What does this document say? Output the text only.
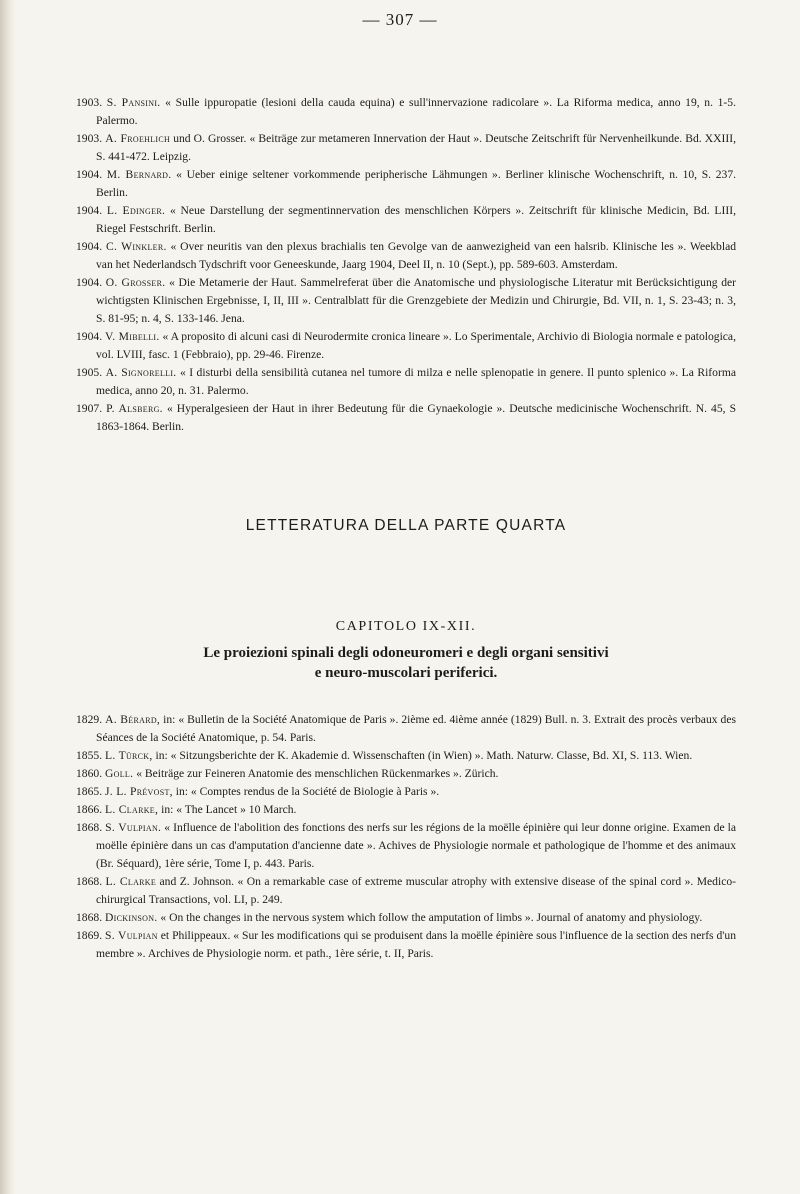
— 307 —

1903. S. Pansini. « Sulle ippuropatie (lesioni della cauda equina) e sull'innervazione radicolare ». La Riforma medica, anno 19, n. 1-5. Palermo.

1903. A. Froehlich und O. Grosser. « Beiträge zur metameren Innervation der Haut ». Deutsche Zeitschrift für Nervenheilkunde. Bd. XXIII, S. 441-472. Leipzig.

1904. M. Bernard. « Ueber einige seltener vorkommende peripherische Lähmungen ». Berliner klinische Wochenschrift, n. 10, S. 237. Berlin.

1904. L. Edinger. « Neue Darstellung der segmentinnervation des menschlichen Körpers ». Zeitschrift für klinische Medicin, Bd. LIII, Riegel Festschrift. Berlin.

1904. C. Winkler. « Over neuritis van den plexus brachialis ten Gevolge van de aanwezigheid van een halsrib. Klinische les ». Weekblad van het Nederlandsch Tydschrift voor Geneeskunde, Jaarg 1904, Deel II, n. 10 (Sept.), pp. 589-603. Amsterdam.

1904. O. Grosser. « Die Metamerie der Haut. Sammelreferat über die Anatomische und physiologische Literatur mit Berücksichtigung der wichtigsten Klinischen Ergebnisse, I, II, III ». Centralblatt für die Grenzgebiete der Medizin und Chirurgie, Bd. VII, n. 1, S. 23-43; n. 3, S. 81-95; n. 4, S. 133-146. Jena.

1904. V. Mibelli. « A proposito di alcuni casi di Neurodermite cronica lineare ». Lo Sperimentale, Archivio di Biologia normale e patologica, vol. LVIII, fasc. 1 (Febbraio), pp. 29-46. Firenze.

1905. A. Signorelli. « I disturbi della sensibilità cutanea nel tumore di milza e nelle splenopatie in genere. Il punto splenico ». La Riforma medica, anno 20, n. 31. Palermo.

1907. P. Alsberg. « Hyperalgesieen der Haut in ihrer Bedeutung für die Gynaekologie ». Deutsche medicinische Wochenschrift. N. 45, S 1863-1864. Berlin.

LETTERATURA DELLA PARTE QUARTA
CAPITOLO IX-XII.
Le proiezioni spinali degli odoneuromeri e degli organi sensitivi
e neuro-muscolari periferici.

1829. A. Bérard, in: « Bulletin de la Société Anatomique de Paris ». 2ième ed. 4ième année (1829) Bull. n. 3. Extrait des procès verbaux des Séances de la Société Anatomique, p. 54. Paris.

1855. L. Türck, in: « Sitzungsberichte der K. Akademie d. Wissenschaften (in Wien) ». Math. Naturw. Classe, Bd. XI, S. 113. Wien.

1860. Goll. « Beiträge zur Feineren Anatomie des menschlichen Rückenmarkes ». Zürich.

1865. J. L. Prévost, in: « Comptes rendus de la Société de Biologie à Paris ».

1866. L. Clarke, in: « The Lancet » 10 March.

1868. S. Vulpian. « Influence de l'abolition des fonctions des nerfs sur les régions de la moëlle épinière qui leur donne origine. Examen de la moëlle épinière dans un cas d'amputation d'ancienne date ». Achives de Physiologie normale et pathologique de l'homme et des animaux (Br. Séquard), 1ère série, Tome I, p. 443. Paris.

1868. L. Clarke and Z. Johnson. « On a remarkable case of extreme muscular atrophy with extensive disease of the spinal cord ». Medico-chirurgical Transactions, vol. LI, p. 249.

1868. Dickinson. « On the changes in the nervous system which follow the amputation of limbs ». Journal of anatomy and physiology.

1869. S. Vulpian et Philippeaux. « Sur les modifications qui se produisent dans la moëlle épinière sous l'influence de la section des nerfs d'un membre ». Archives de Physiologie norm. et path., 1ère série, t. II, Paris.
